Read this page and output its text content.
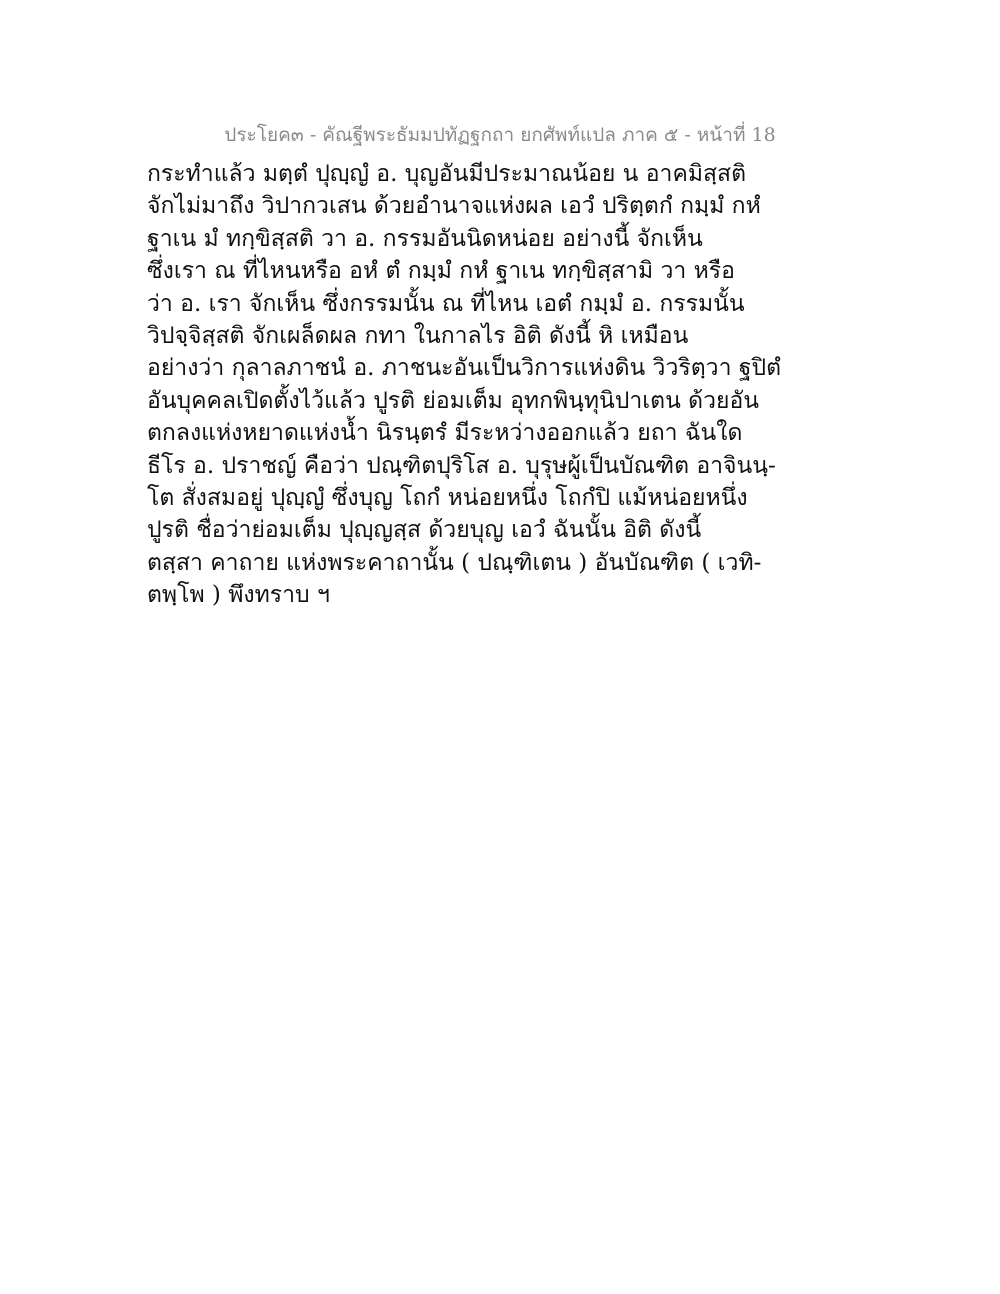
ประโยค๓ - คัณฐีพระธัมมปทัฏฐกถา ยกศัพท์แปล ภาค ๕ - หน้าที่ 18
กระทำแล้ว มตฺตํ ปุญฺญํ อ. บุญอันมีประมาณน้อย น อาคมิสฺสติ
จักไม่มาถึง วิปากวเสน ด้วยอำนาจแห่งผล เอวํ ปริตฺตกํ กมฺมํ กหํ
ฐาเน มํ ทกฺขิสฺสติ วา อ. กรรมอันนิดหน่อย อย่างนี้ จักเห็น
ซึ่งเรา ณ ที่ไหนหรือ อหํ ตํ กมฺมํ กหํ ฐาเน ทกฺขิสฺสามิ วา หรือ
ว่า อ. เรา จักเห็น ซึ่งกรรมนั้น ณ ที่ไหน เอตํ กมฺมํ อ. กรรมนั้น
วิปจฺจิสฺสติ จักเผล็ดผล กทา ในกาลไร อิติ ดังนี้ หิ เหมือน
อย่างว่า กุลาลภาชนํ อ. ภาชนะอันเป็นวิการแห่งดิน วิวริตฺวา ฐปิตํ
อันบุคคลเปิดตั้งไว้แล้ว ปูรติ ย่อมเต็ม อุทกพินฺทุนิปาเตน ด้วยอัน
ตกลงแห่งหยาดแห่งน้ำ นิรนฺตรํ มีระหว่างออกแล้ว ยถา ฉันใด
ธีโร อ. ปราชญ์ คือว่า ปณฺฑิตปุริโส อ. บุรุษผู้เป็นบัณฑิต อาจินนฺ-
โต สั่งสมอยู่ ปุญฺญํ ซึ่งบุญ โถกํ หน่อยหนึ่ง โถกํปิ แม้หน่อยหนึ่ง
ปูรติ ชื่อว่าย่อมเต็ม ปุญฺญสฺส ด้วยบุญ เอวํ ฉันนั้น อิติ ดังนี้
ตสฺสา คาถาย แห่งพระคาถานั้น ( ปณฺฑิเตน ) อันบัณฑิต ( เวทิ-
ตพฺโพ ) พึงทราบ ฯ
